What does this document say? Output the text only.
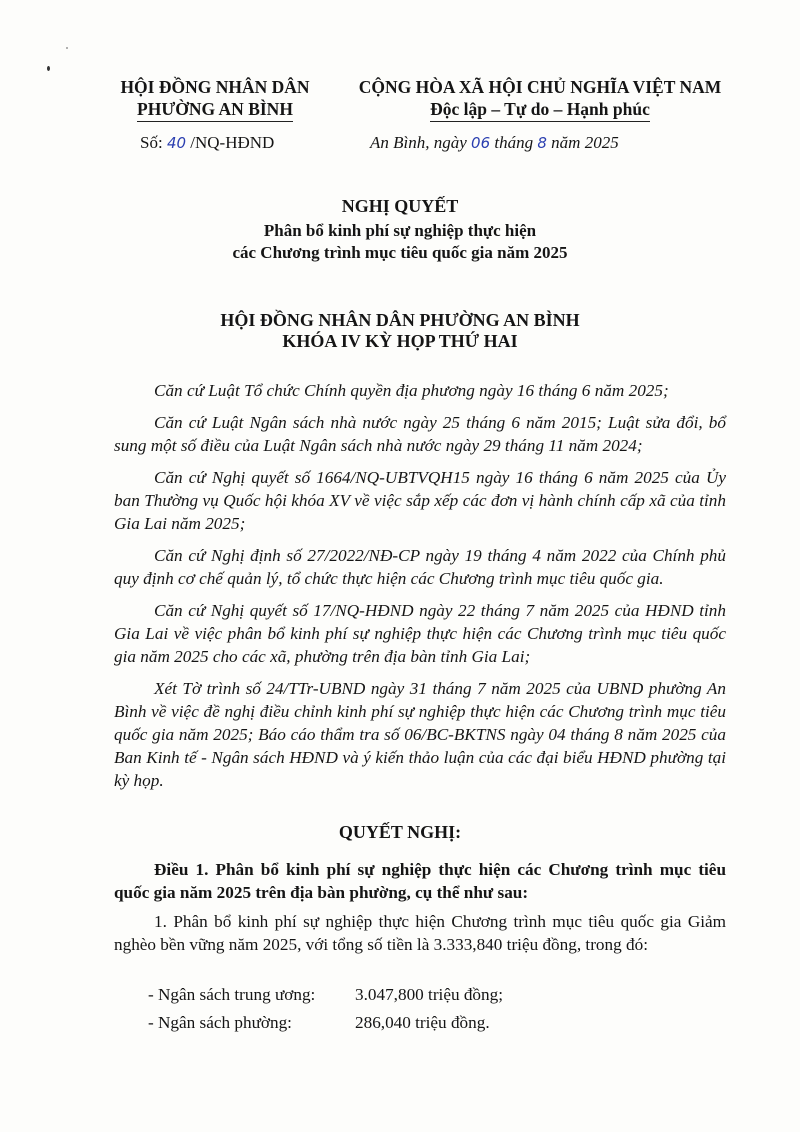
HỘI ĐỒNG NHÂN DÂN
PHƯỜNG AN BÌNH
CỘNG HÒA XÃ HỘI CHỦ NGHĨA VIỆT NAM
Độc lập – Tự do – Hạnh phúc
Số: 40 /NQ-HĐND	An Bình, ngày 06 tháng 8 năm 2025
NGHỊ QUYẾT
Phân bổ kinh phí sự nghiệp thực hiện
các Chương trình mục tiêu quốc gia năm 2025
HỘI ĐỒNG NHÂN DÂN PHƯỜNG AN BÌNH
KHÓA IV KỲ HỌP THỨ HAI

Căn cứ Luật Tổ chức Chính quyền địa phương ngày 16 tháng 6 năm 2025;

Căn cứ Luật Ngân sách nhà nước ngày 25 tháng 6 năm 2015; Luật sửa đổi, bổ sung một số điều của Luật Ngân sách nhà nước ngày 29 tháng 11 năm 2024;

Căn cứ Nghị quyết số 1664/NQ-UBTVQH15 ngày 16 tháng 6 năm 2025 của Ủy ban Thường vụ Quốc hội khóa XV về việc sắp xếp các đơn vị hành chính cấp xã của tỉnh Gia Lai năm 2025;

Căn cứ Nghị định số 27/2022/NĐ-CP ngày 19 tháng 4 năm 2022 của Chính phủ quy định cơ chế quản lý, tổ chức thực hiện các Chương trình mục tiêu quốc gia.

Căn cứ Nghị quyết số 17/NQ-HĐND ngày 22 tháng 7 năm 2025 của HĐND tỉnh Gia Lai về việc phân bổ kinh phí sự nghiệp thực hiện các Chương trình mục tiêu quốc gia năm 2025 cho các xã, phường trên địa bàn tỉnh Gia Lai;

Xét Tờ trình số 24/TTr-UBND ngày 31 tháng 7 năm 2025 của UBND phường An Bình về việc đề nghị điều chỉnh kinh phí sự nghiệp thực hiện các Chương trình mục tiêu quốc gia năm 2025; Báo cáo thẩm tra số 06/BC-BKTNS ngày 04 tháng 8 năm 2025 của Ban Kinh tế - Ngân sách HĐND và ý kiến thảo luận của các đại biểu HĐND phường tại kỳ họp.

QUYẾT NGHỊ:

Điều 1. Phân bổ kinh phí sự nghiệp thực hiện các Chương trình mục tiêu quốc gia năm 2025 trên địa bàn phường, cụ thể như sau:

1. Phân bổ kinh phí sự nghiệp thực hiện Chương trình mục tiêu quốc gia Giảm nghèo bền vững năm 2025, với tổng số tiền là 3.333,840 triệu đồng, trong đó:

- Ngân sách trung ương: 3.047,800 triệu đồng;
- Ngân sách phường:	286,040 triệu đồng.
